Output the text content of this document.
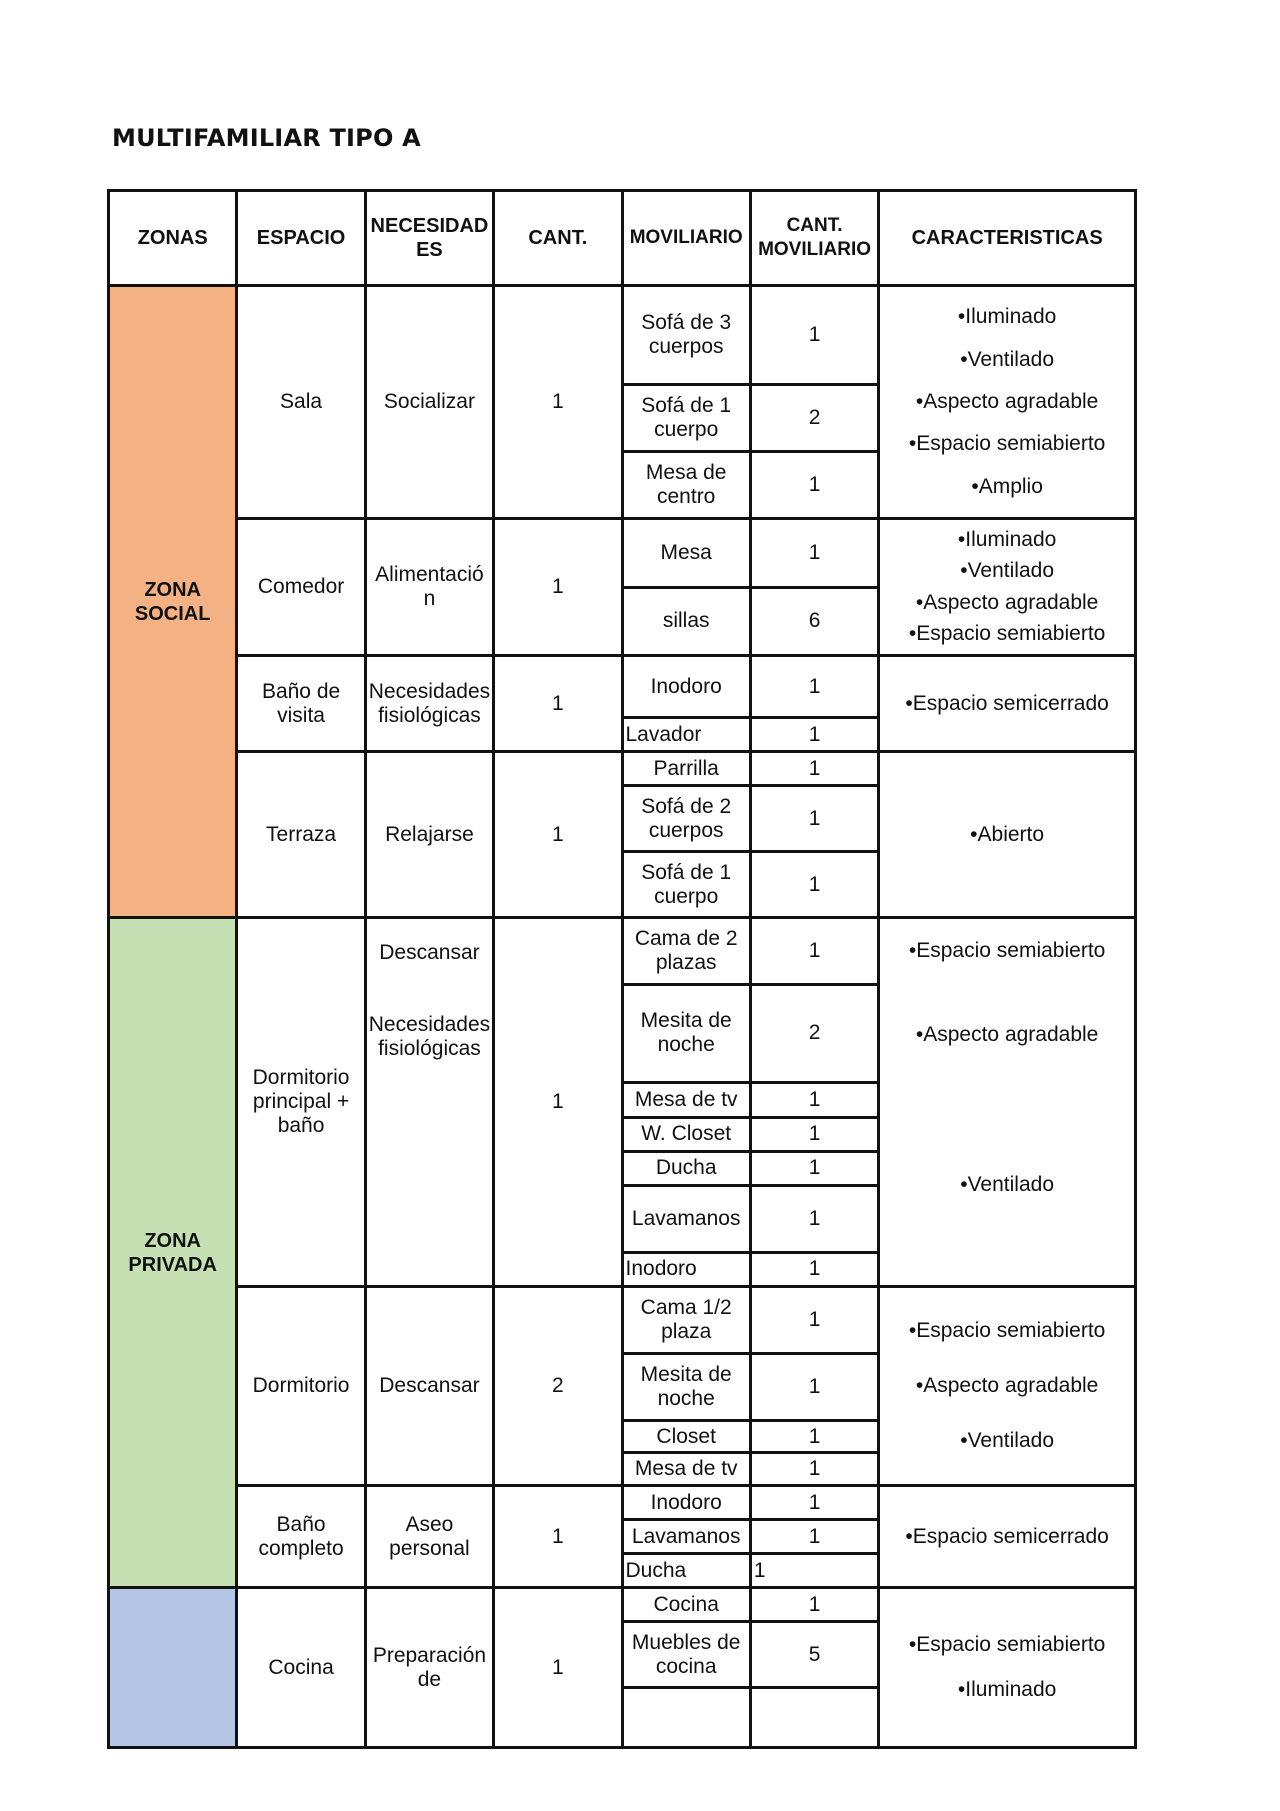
MULTIFAMILIAR TIPO A
ZONAS	ESPACIO	NECESIDAD ES	CANT.	MOVILIARIO	CANT. MOVILIARIO	CARACTERISTICAS
ZONA SOCIAL	Sala	Socializar	1	Sofá de 3 cuerpos	1	•Iluminado
•Ventilado
•Aspecto agradable
•Espacio semiabierto
•Amplio

				Sofá de 1 cuerpo	2	
				Mesa de centro	1	
	Comedor	Alimentació n	1	Mesa	1	•Iluminado
•Ventilado
•Aspecto agradable
•Espacio semiabierto

				sillas	6	
	Baño de visita	Necesidades fisiológicas	1	Inodoro	1	•Espacio semicerrado
				Lavador	1	
	Terraza	Relajarse	1	Parrilla	1	•Abierto
				Sofá de 2 cuerpos	1	
				Sofá de 1 cuerpo	1	
ZONA PRIVADA	Dormitorio principal + baño	Descansar
Necesidades fisiológicas	1	Cama de 2 plazas	1	•Espacio semiabierto
•Aspecto agradable
•Ventilado

				Mesita de noche	2	
				Mesa de tv	1	
				W. Closet	1	
				Ducha	1	
				Lavamanos	1	
				Inodoro	1	
	Dormitorio	Descansar	2	Cama 1/2 plaza	1	•Espacio semiabierto
•Aspecto agradable
•Ventilado

				Mesita de noche	1	
				Closet	1	
				Mesa de tv	1	
	Baño completo	Aseo personal	1	Inodoro	1	•Espacio semicerrado
				Lavamanos	1	
				Ducha	1	
	Cocina	Preparación de	1	Cocina	1	•Espacio semiabierto
•Iluminado

				Muebles de cocina	5	
